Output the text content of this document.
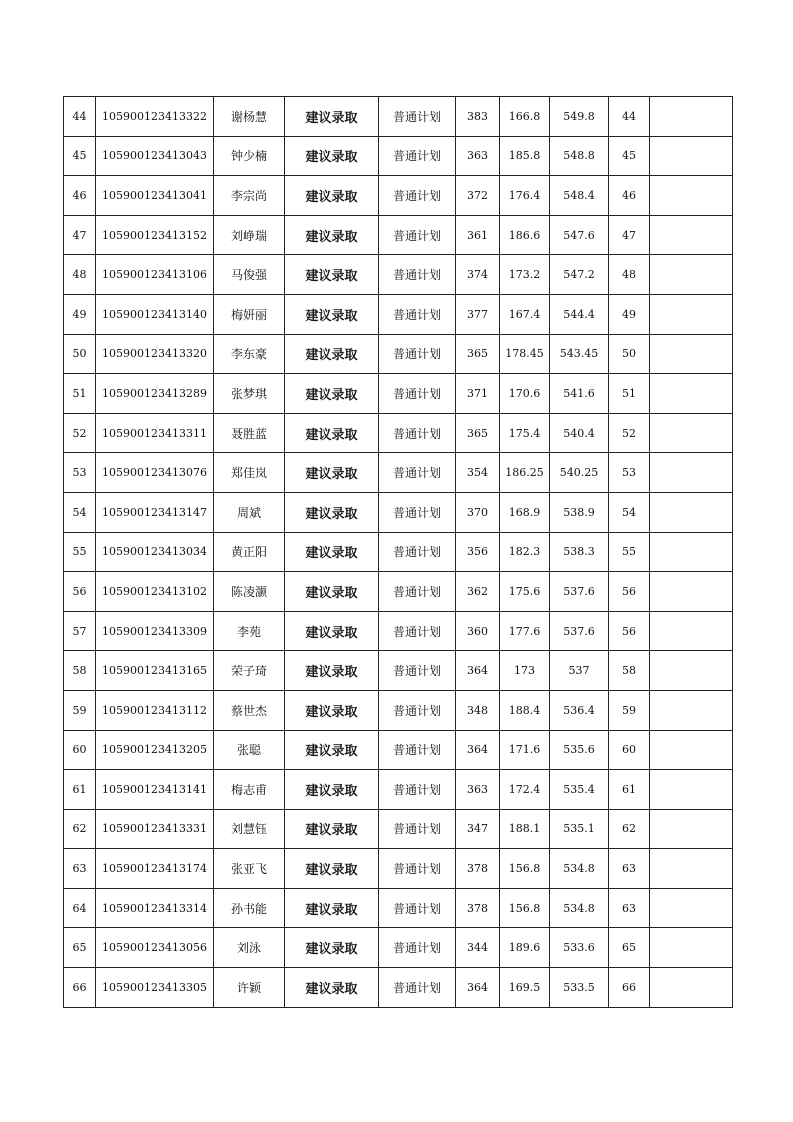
44	105900123413322	谢杨慧	建议录取	普通计划	383	166.8	549.8	44	
45	105900123413043	钟少楠	建议录取	普通计划	363	185.8	548.8	45	
46	105900123413041	李宗尚	建议录取	普通计划	372	176.4	548.4	46	
47	105900123413152	刘峥瑞	建议录取	普通计划	361	186.6	547.6	47	
48	105900123413106	马俊强	建议录取	普通计划	374	173.2	547.2	48	
49	105900123413140	梅妍丽	建议录取	普通计划	377	167.4	544.4	49	
50	105900123413320	李东豪	建议录取	普通计划	365	178.45	543.45	50	
51	105900123413289	张梦琪	建议录取	普通计划	371	170.6	541.6	51	
52	105900123413311	聂胜蓝	建议录取	普通计划	365	175.4	540.4	52	
53	105900123413076	郑佳岚	建议录取	普通计划	354	186.25	540.25	53	
54	105900123413147	周斌	建议录取	普通计划	370	168.9	538.9	54	
55	105900123413034	黄正阳	建议录取	普通计划	356	182.3	538.3	55	
56	105900123413102	陈凌灏	建议录取	普通计划	362	175.6	537.6	56	
57	105900123413309	李苑	建议录取	普通计划	360	177.6	537.6	56	
58	105900123413165	荣子琦	建议录取	普通计划	364	173	537	58	
59	105900123413112	蔡世杰	建议录取	普通计划	348	188.4	536.4	59	
60	105900123413205	张聪	建议录取	普通计划	364	171.6	535.6	60	
61	105900123413141	梅志甫	建议录取	普通计划	363	172.4	535.4	61	
62	105900123413331	刘慧钰	建议录取	普通计划	347	188.1	535.1	62	
63	105900123413174	张亚飞	建议录取	普通计划	378	156.8	534.8	63	
64	105900123413314	孙书能	建议录取	普通计划	378	156.8	534.8	63	
65	105900123413056	刘泳	建议录取	普通计划	344	189.6	533.6	65	
66	105900123413305	许颖	建议录取	普通计划	364	169.5	533.5	66	
